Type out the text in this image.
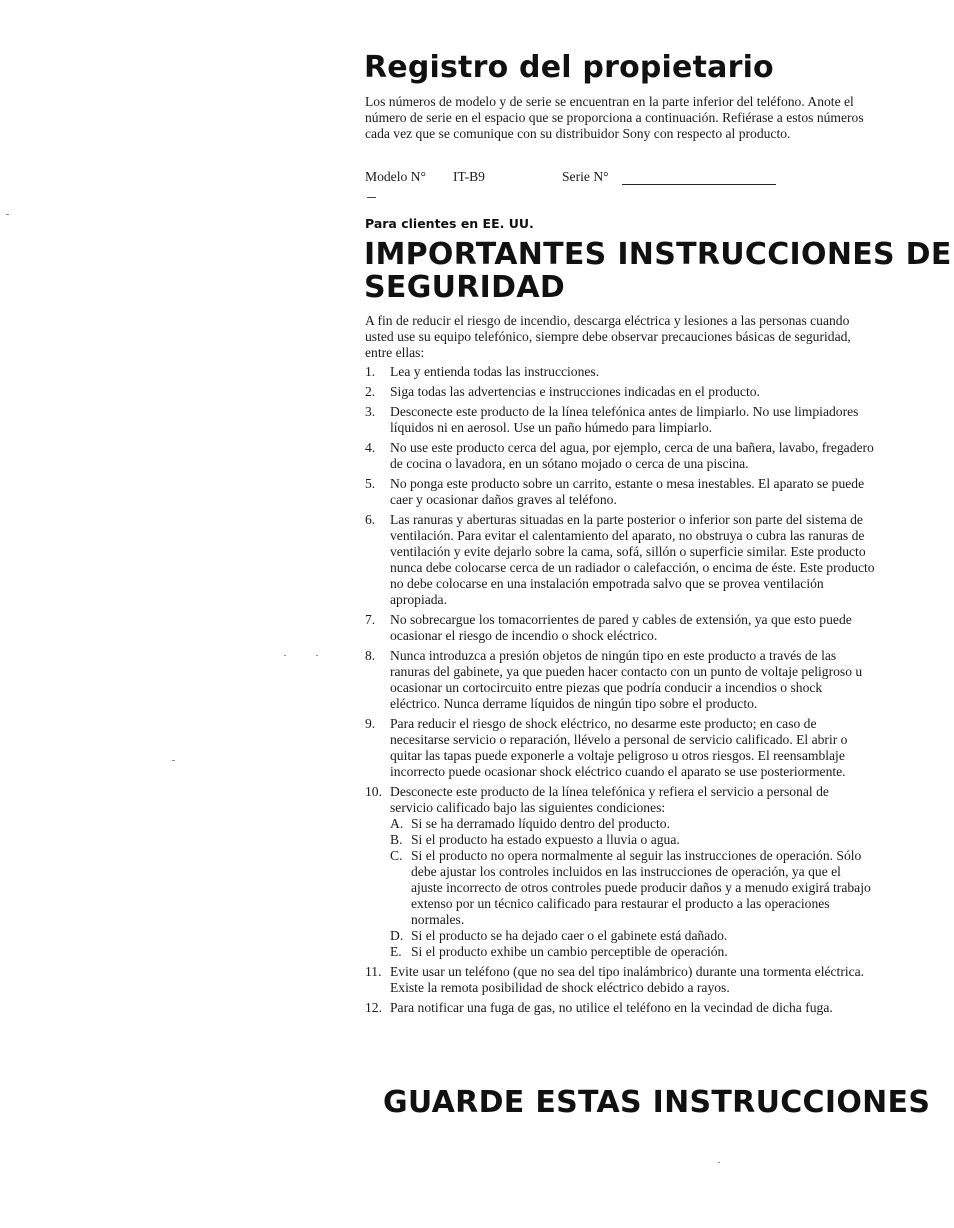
Registro del propietario

Los números de modelo y de serie se encuentran en la parte inferior del teléfono. Anote el número de serie en el espacio que se proporciona a continuación. Refiérase a estos números cada vez que se comunique con su distribuidor Sony con respecto al producto.

Modelo N° IT-B9	Serie N°

Para clientes en EE. UU.

IMPORTANTES INSTRUCCIONES DE SEGURIDAD

A fin de reducir el riesgo de incendio, descarga eléctrica y lesiones a las personas cuando usted use su equipo telefónico, siempre debe observar precauciones básicas de seguridad, entre ellas:

1.	Lea y entienda todas las instrucciones.
2.	Siga todas las advertencias e instrucciones indicadas en el producto.
3.	Desconecte este producto de la línea telefónica antes de limpiarlo. No use limpiadores líquidos ni en aerosol. Use un paño húmedo para limpiarlo.
4.	No use este producto cerca del agua, por ejemplo, cerca de una bañera, lavabo, fregadero de cocina o lavadora, en un sótano mojado o cerca de una piscina.
5.	No ponga este producto sobre un carrito, estante o mesa inestables. El aparato se puede caer y ocasionar daños graves al teléfono.
6.	Las ranuras y aberturas situadas en la parte posterior o inferior son parte del sistema de ventilación. Para evitar el calentamiento del aparato, no obstruya o cubra las ranuras de ventilación y evite dejarlo sobre la cama, sofá, sillón o superficie similar. Este producto nunca debe colocarse cerca de un radiador o calefacción, o encima de éste. Este producto no debe colocarse en una instalación empotrada salvo que se provea ventilación apropiada.
7.	No sobrecargue los tomacorrientes de pared y cables de extensión, ya que esto puede ocasionar el riesgo de incendio o shock eléctrico.
8.	Nunca introduzca a presión objetos de ningún tipo en este producto a través de las ranuras del gabinete, ya que pueden hacer contacto con un punto de voltaje peligroso u ocasionar un cortocircuito entre piezas que podría conducir a incendios o shock eléctrico. Nunca derrame líquidos de ningún tipo sobre el producto.
9.	Para reducir el riesgo de shock eléctrico, no desarme este producto; en caso de necesitarse servicio o reparación, llévelo a personal de servicio calificado. El abrir o quitar las tapas puede exponerle a voltaje peligroso u otros riesgos. El reensamblaje incorrecto puede ocasionar shock eléctrico cuando el aparato se use posteriormente.
10. Desconecte este producto de la línea telefónica y refiera el servicio a personal de servicio calificado bajo las siguientes condiciones:
A. Si se ha derramado líquido dentro del producto.
B. Si el producto ha estado expuesto a lluvia o agua.
C. Si el producto no opera normalmente al seguir las instrucciones de operación. Sólo debe ajustar los controles incluidos en las instrucciones de operación, ya que el ajuste incorrecto de otros controles puede producir daños y a menudo exigirá trabajo extenso por un técnico calificado para restaurar el producto a las operaciones normales.
D. Si el producto se ha dejado caer o el gabinete está dañado.
E. Si el producto exhibe un cambio perceptible de operación.
11. Evite usar un teléfono (que no sea del tipo inalámbrico) durante una tormenta eléctrica. Existe la remota posibilidad de shock eléctrico debido a rayos.
12. Para notificar una fuga de gas, no utilice el teléfono en la vecindad de dicha fuga.
GUARDE ESTAS INSTRUCCIONES
